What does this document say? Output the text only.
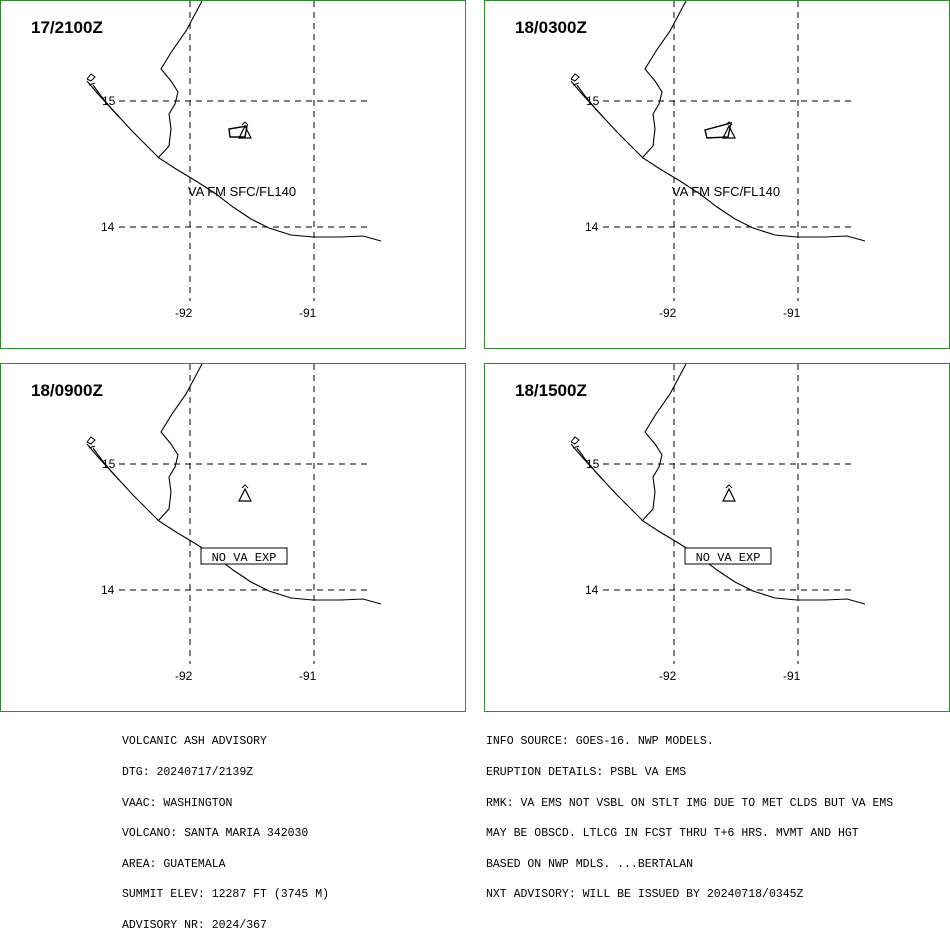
15
14
-92	-91
VA FM SFC/FL140
17/2100Z
15
14
-92	-91
VA FM SFC/FL140
18/0300Z
15
14
-92	-91
NO VA EXP
18/0900Z
15
14
-92	-91
NO VA EXP
18/1500Z

VOLCANIC ASH ADVISORY

DTG: 20240717/2139Z

VAAC: WASHINGTON

VOLCANO: SANTA MARIA 342030

AREA: GUATEMALA

SUMMIT ELEV: 12287 FT (3745 M)

ADVISORY NR: 2024/367

INFO SOURCE: GOES-16. NWP MODELS.

ERUPTION DETAILS: PSBL VA EMS

RMK: VA EMS NOT VSBL ON STLT IMG DUE TO MET CLDS BUT VA EMS

MAY BE OBSCD. LTLCG IN FCST THRU T+6 HRS. MVMT AND HGT

BASED ON NWP MDLS. ...BERTALAN

NXT ADVISORY: WILL BE ISSUED BY 20240718/0345Z
